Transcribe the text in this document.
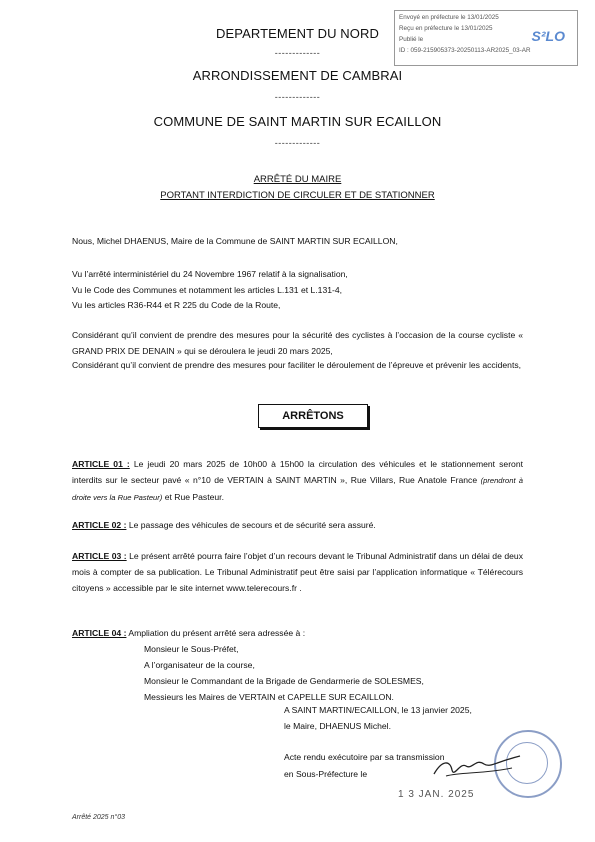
Envoyé en préfecture le 13/01/2025
Reçu en préfecture le 13/01/2025
Publié le
ID : 059-215905373-20250113-AR2025_03-AR
S²LO
DEPARTEMENT DU NORD
-------------
ARRONDISSEMENT DE CAMBRAI
-------------
COMMUNE DE SAINT MARTIN SUR ECAILLON
-------------
ARRÊTÉ DU MAIRE
PORTANT INTERDICTION DE CIRCULER ET DE STATIONNER
Nous, Michel DHAENUS, Maire de la Commune de SAINT MARTIN SUR ECAILLON,
Vu l’arrêté interministériel du 24 Novembre 1967 relatif à la signalisation,
Vu le Code des Communes et notamment les articles L.131 et L.131-4,
Vu les articles R36-R44 et R 225 du Code de la Route,
Considérant qu’il convient de prendre des mesures pour la sécurité des cyclistes à l’occasion de la course cycliste « GRAND PRIX DE DENAIN » qui se déroulera le jeudi 20 mars 2025,
Considérant qu’il convient de prendre des mesures pour faciliter le déroulement de l’épreuve et prévenir les accidents,
ARRÊTONS
ARTICLE 01 : Le jeudi 20 mars 2025 de 10h00 à 15h00 la circulation des véhicules et le stationnement seront interdits sur le secteur pavé « n°10 de VERTAIN à SAINT MARTIN », Rue Villars, Rue Anatole France (prendront à droite vers la Rue Pasteur) et Rue Pasteur.
ARTICLE 02 : Le passage des véhicules de secours et de sécurité sera assuré.
ARTICLE 03 : Le présent arrêté pourra faire l’objet d’un recours devant le Tribunal Administratif dans un délai de deux mois à compter de sa publication. Le Tribunal Administratif peut être saisi par l’application informatique « Télérecours citoyens » accessible par le site internet www.telerecours.fr .
ARTICLE 04 : Ampliation du présent arrêté sera adressée à :
Monsieur le Sous-Préfet,
A l’organisateur de la course,
Monsieur le Commandant de la Brigade de Gendarmerie de SOLESMES,
Messieurs les Maires de VERTAIN et CAPELLE SUR ECAILLON.
A SAINT MARTIN/ECAILLON, le 13 janvier 2025,
le Maire, DHAENUS Michel.
Acte rendu exécutoire par sa transmission
en Sous-Préfecture le
1 3 JAN. 2025
Arrêté 2025 n°03
